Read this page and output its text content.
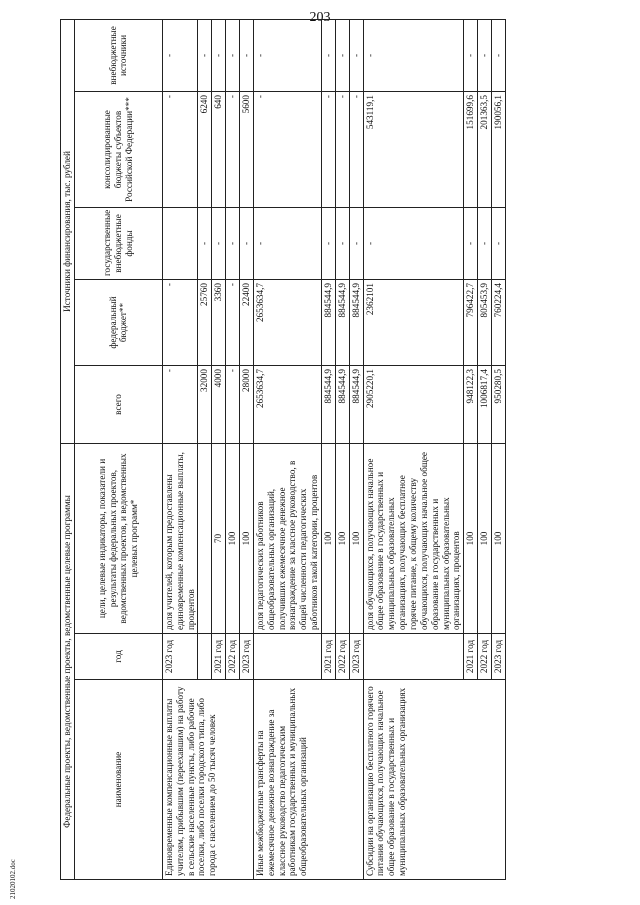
203
21020102.doc
Федеральные проекты, ведомственные проекты, ведомственные целевые программы			Источники финансирования, тыс. рублей				
наименование	год	цели, целевые индикаторы, показатели и результаты федеральных проектов, ведомственных проектов, и ведомственных целевых программ*	всего	федеральный бюджет**	государственные внебюджетные фонды	консолидированные бюджеты субъектов Российской Федерации***	внебюджетные источники
Единовременные компенсационные выплаты учителям, прибывшим (переехавшим) на работу в сельские населенные пункты, либо рабочие поселки, либо поселки городского типа, либо города с населением до 50 тысяч человек	2023 год	доля учителей, которым предоставлены единовременные компенсационные выплаты, процентов	-	-		-	-
			32000	25760	-	6240	-
	2021 год	70	4000	3360	-	640	-
	2022 год	100	-	-	-	-	-
	2023 год	100	28000	22400	-	5600	-
Иные межбюджетные трансферты на ежемесячное денежное вознаграждение за классное руководство педагогическим работникам государственных и муниципальных общеобразовательных организаций		доля педагогических работников общеобразовательных организаций, получивших ежемесячное денежное вознаграждение за классное руководство, в общей численности педагогических работников такой категории, процентов	2653634,7	2653634,7	-	-	-
	2021 год	100	884544,9	884544,9	-	-	-
	2022 год	100	884544,9	884544,9	-	-	-
	2023 год	100	884544,9	884544,9	-	-	-
Субсидии на организацию бесплатного горячего питания обучающихся, получающих начальное общее образование в государственных и муниципальных образовательных организациях		доля обучающихся, получающих начальное общее образование в государственных и муниципальных образовательных организациях, получающих бесплатное горячее питание, к общему количеству обучающихся, получающих начальное общее образование в государственных и муниципальных образовательных организациях, процентов	2905220,1	2362101	-	543119,1	-
	2021 год	100	948122,3	796422,7	-	151699,6	-
	2022 год	100	1006817,4	805453,9	-	201363,5	-
	2023 год	100	950280,5	760224,4	-	190056,1	-
